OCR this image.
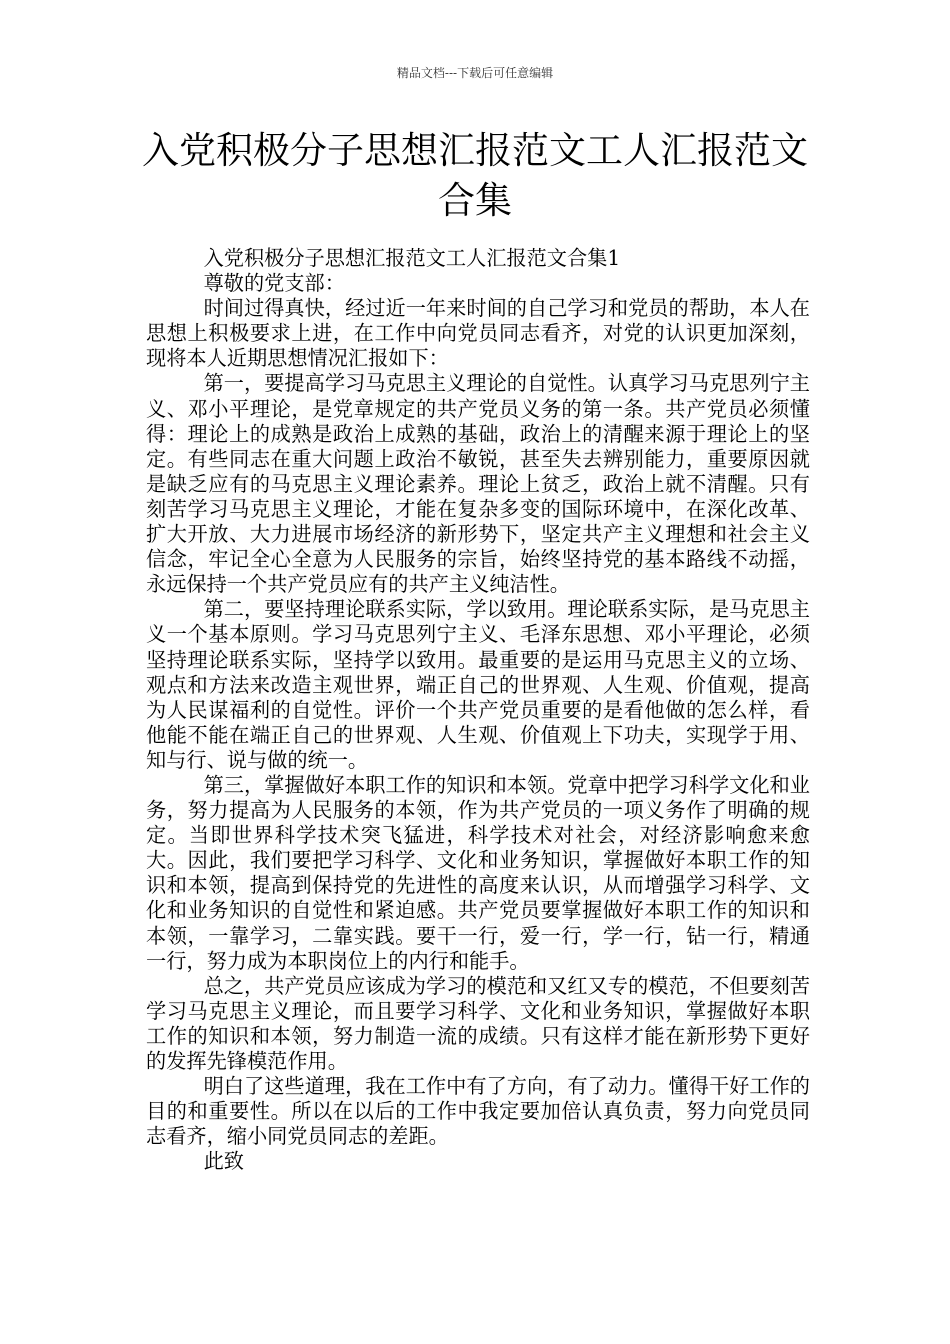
精品文档---下载后可任意编辑
入党积极分子思想汇报范文工人汇报范文合集

入党积极分子思想汇报范文工人汇报范文合集1

尊敬的党支部：

时间过得真快，经过近一年来时间的自己学习和党员的帮助，本人在思想上积极要求上进，在工作中向党员同志看齐，对党的认识更加深刻，现将本人近期思想情况汇报如下：

第一，要提高学习马克思主义理论的自觉性。认真学习马克思列宁主义、邓小平理论，是党章规定的共产党员义务的第一条。共产党员必须懂得：理论上的成熟是政治上成熟的基础，政治上的清醒来源于理论上的坚定。有些同志在重大问题上政治不敏锐，甚至失去辨别能力，重要原因就是缺乏应有的马克思主义理论素养。理论上贫乏，政治上就不清醒。只有刻苦学习马克思主义理论，才能在复杂多变的国际环境中，在深化改革、扩大开放、大力进展市场经济的新形势下，坚定共产主义理想和社会主义信念，牢记全心全意为人民服务的宗旨，始终坚持党的基本路线不动摇，永远保持一个共产党员应有的共产主义纯洁性。

第二，要坚持理论联系实际，学以致用。理论联系实际，是马克思主义一个基本原则。学习马克思列宁主义、毛泽东思想、邓小平理论，必须坚持理论联系实际，坚持学以致用。最重要的是运用马克思主义的立场、观点和方法来改造主观世界，端正自己的世界观、人生观、价值观，提高为人民谋福利的自觉性。评价一个共产党员重要的是看他做的怎么样，看他能不能在端正自己的世界观、人生观、价值观上下功夫，实现学于用、知与行、说与做的统一。

第三，掌握做好本职工作的知识和本领。党章中把学习科学文化和业务，努力提高为人民服务的本领，作为共产党员的一项义务作了明确的规定。当即世界科学技术突飞猛进，科学技术对社会，对经济影响愈来愈大。因此，我们要把学习科学、文化和业务知识，掌握做好本职工作的知识和本领，提高到保持党的先进性的高度来认识，从而增强学习科学、文化和业务知识的自觉性和紧迫感。共产党员要掌握做好本职工作的知识和本领，一靠学习，二靠实践。要干一行，爱一行，学一行，钻一行，精通一行，努力成为本职岗位上的内行和能手。

总之，共产党员应该成为学习的模范和又红又专的模范，不但要刻苦学习马克思主义理论，而且要学习科学、文化和业务知识，掌握做好本职工作的知识和本领，努力制造一流的成绩。只有这样才能在新形势下更好的发挥先锋模范作用。

明白了这些道理，我在工作中有了方向，有了动力。懂得干好工作的目的和重要性。所以在以后的工作中我定要加倍认真负责，努力向党员同志看齐，缩小同党员同志的差距。

此致
